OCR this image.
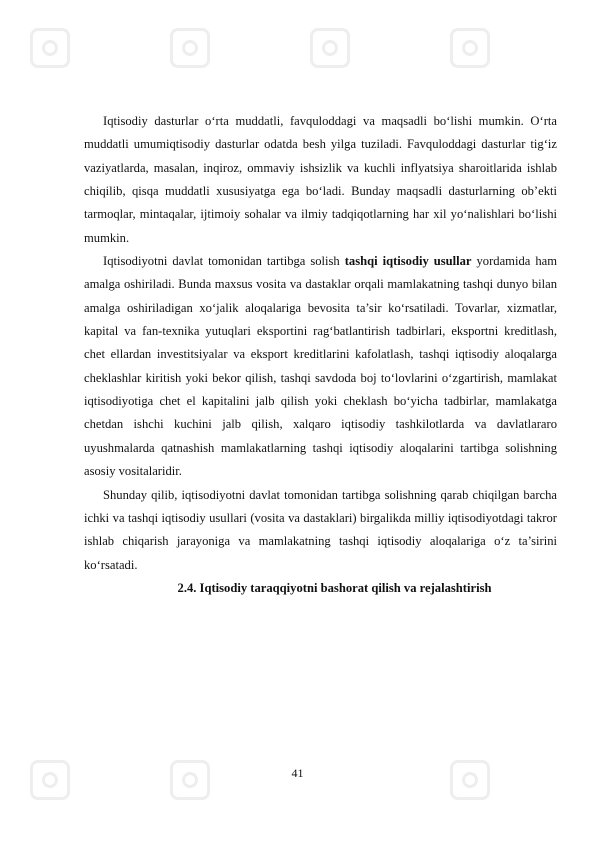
Iqtisodiy dasturlar o‘rta muddatli, favquloddagi va maqsadli bo‘lishi mumkin. O‘rta muddatli umumiqtisodiy dasturlar odatda besh yilga tuziladi. Favquloddagi dasturlar tig‘iz vaziyatlarda, masalan, inqiroz, ommaviy ishsizlik va kuchli inflyatsiya sharoitlarida ishlab chiqilib, qisqa muddatli xususiyatga ega bo‘ladi. Bunday maqsadli dasturlarning ob’ekti tarmoqlar, mintaqalar, ijtimoiy sohalar va ilmiy tadqiqotlarning har xil yo‘nalishlari bo‘lishi mumkin.

Iqtisodiyotni davlat tomonidan tartibga solish tashqi iqtisodiy usullar yordamida ham amalga oshiriladi. Bunda maxsus vosita va dastaklar orqali mamlakatning tashqi dunyo bilan amalga oshiriladigan xo‘jalik aloqalariga bevosita ta’sir ko‘rsatiladi. Tovarlar, xizmatlar, kapital va fan-texnika yutuqlari eksportini rag‘batlantirish tadbirlari, eksportni kreditlash, chet ellardan investitsiyalar va eksport kreditlarini kafolatlash, tashqi iqtisodiy aloqalarga cheklashlar kiritish yoki bekor qilish, tashqi savdoda boj to‘lovlarini o‘zgartirish, mamlakat iqtisodiyotiga chet el kapitalini jalb qilish yoki cheklash bo‘yicha tadbirlar, mamlakatga chetdan ishchi kuchini jalb qilish, xalqaro iqtisodiy tashkilotlarda va davlatlararo uyushmalarda qatnashish mamlakatlarning tashqi iqtisodiy aloqalarini tartibga solishning asosiy vositalaridir.

Shunday qilib, iqtisodiyotni davlat tomonidan tartibga solishning qarab chiqilgan barcha ichki va tashqi iqtisodiy usullari (vosita va dastaklari) birgalikda milliy iqtisodiyotdagi takror ishlab chiqarish jarayoniga va mamlakatning tashqi iqtisodiy aloqalariga o‘z ta’sirini ko‘rsatadi.

2.4. Iqtisodiy taraqqiyotni bashorat qilish va rejalashtirish
41
